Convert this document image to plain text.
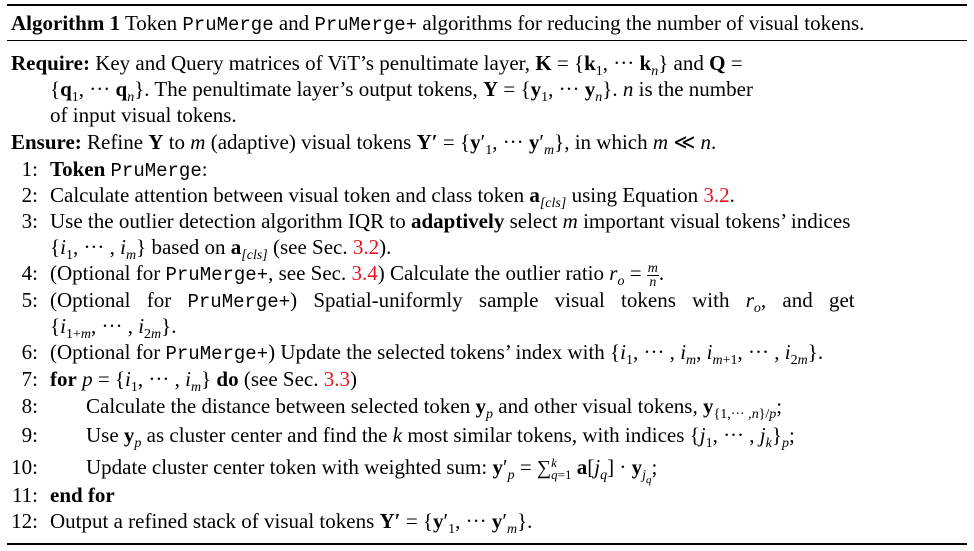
Algorithm 1 Token PruMerge and PruMerge+ algorithms for reducing the number of visual tokens.
Require: Key and Query matrices of ViT’s penultimate layer, $K = \{k_1$, ··· $k_n$} and Q =
{$q_1$, ··· $q_n$}. The penultimate layer’s output tokens, $Y = \{y_1$, ··· $y_n$}. n is the number
of input visual tokens.
Ensure: Refine Y to m (adaptive) visual tokens $Y' = \{y'_1$, ··· $y'_m$}, in which m ≪ n.
1: Token PruMerge:
2: Calculate attention between visual token and class token $a_{[cls]}$ using Equation 3.2.
3: Use the outlier detection algorithm IQR to adaptively select m important visual tokens’ indices
{$i_1$, ··· , $i_m$} based on $a_{[cls]}$ (see Sec. 3.2).
4: (Optional for PruMerge+, see Sec. 3.4) Calculate the outlier ratio $r_o = \frac{m}{n}$ .
5: (Optional for PruMerge+) Spatial-uniformly sample visual tokens with $r_o$, and get
{$i_{1+m}$, ··· , $i_{2m}$}.
6: (Optional for PruMerge+) Update the selected tokens’ index with {$i_1$, ··· , $i_m$, $i_{m+1}$, ··· , $i_{2m}$}.
7: for $p = \{i_1$, ··· , $i_m$} do (see Sec. 3.3)
8: Calculate the distance between selected token $y_p$ and other visual tokens, $y_{\{1,\cdot\cdot\cdot ,n\}/p}$;
9: Use $y_p$ as cluster center and find the k most similar tokens, with indices {$j_1$, ··· , $j_k\}_p$;
10: Update cluster center token with weighted sum: $y'_p$ = ∑ k
q=1 $a[j_q] \cdot y_{j_q}$;
11: end for
12: Output a refined stack of visual tokens $Y' = \{y'_1$, ··· $y'_m$}.
